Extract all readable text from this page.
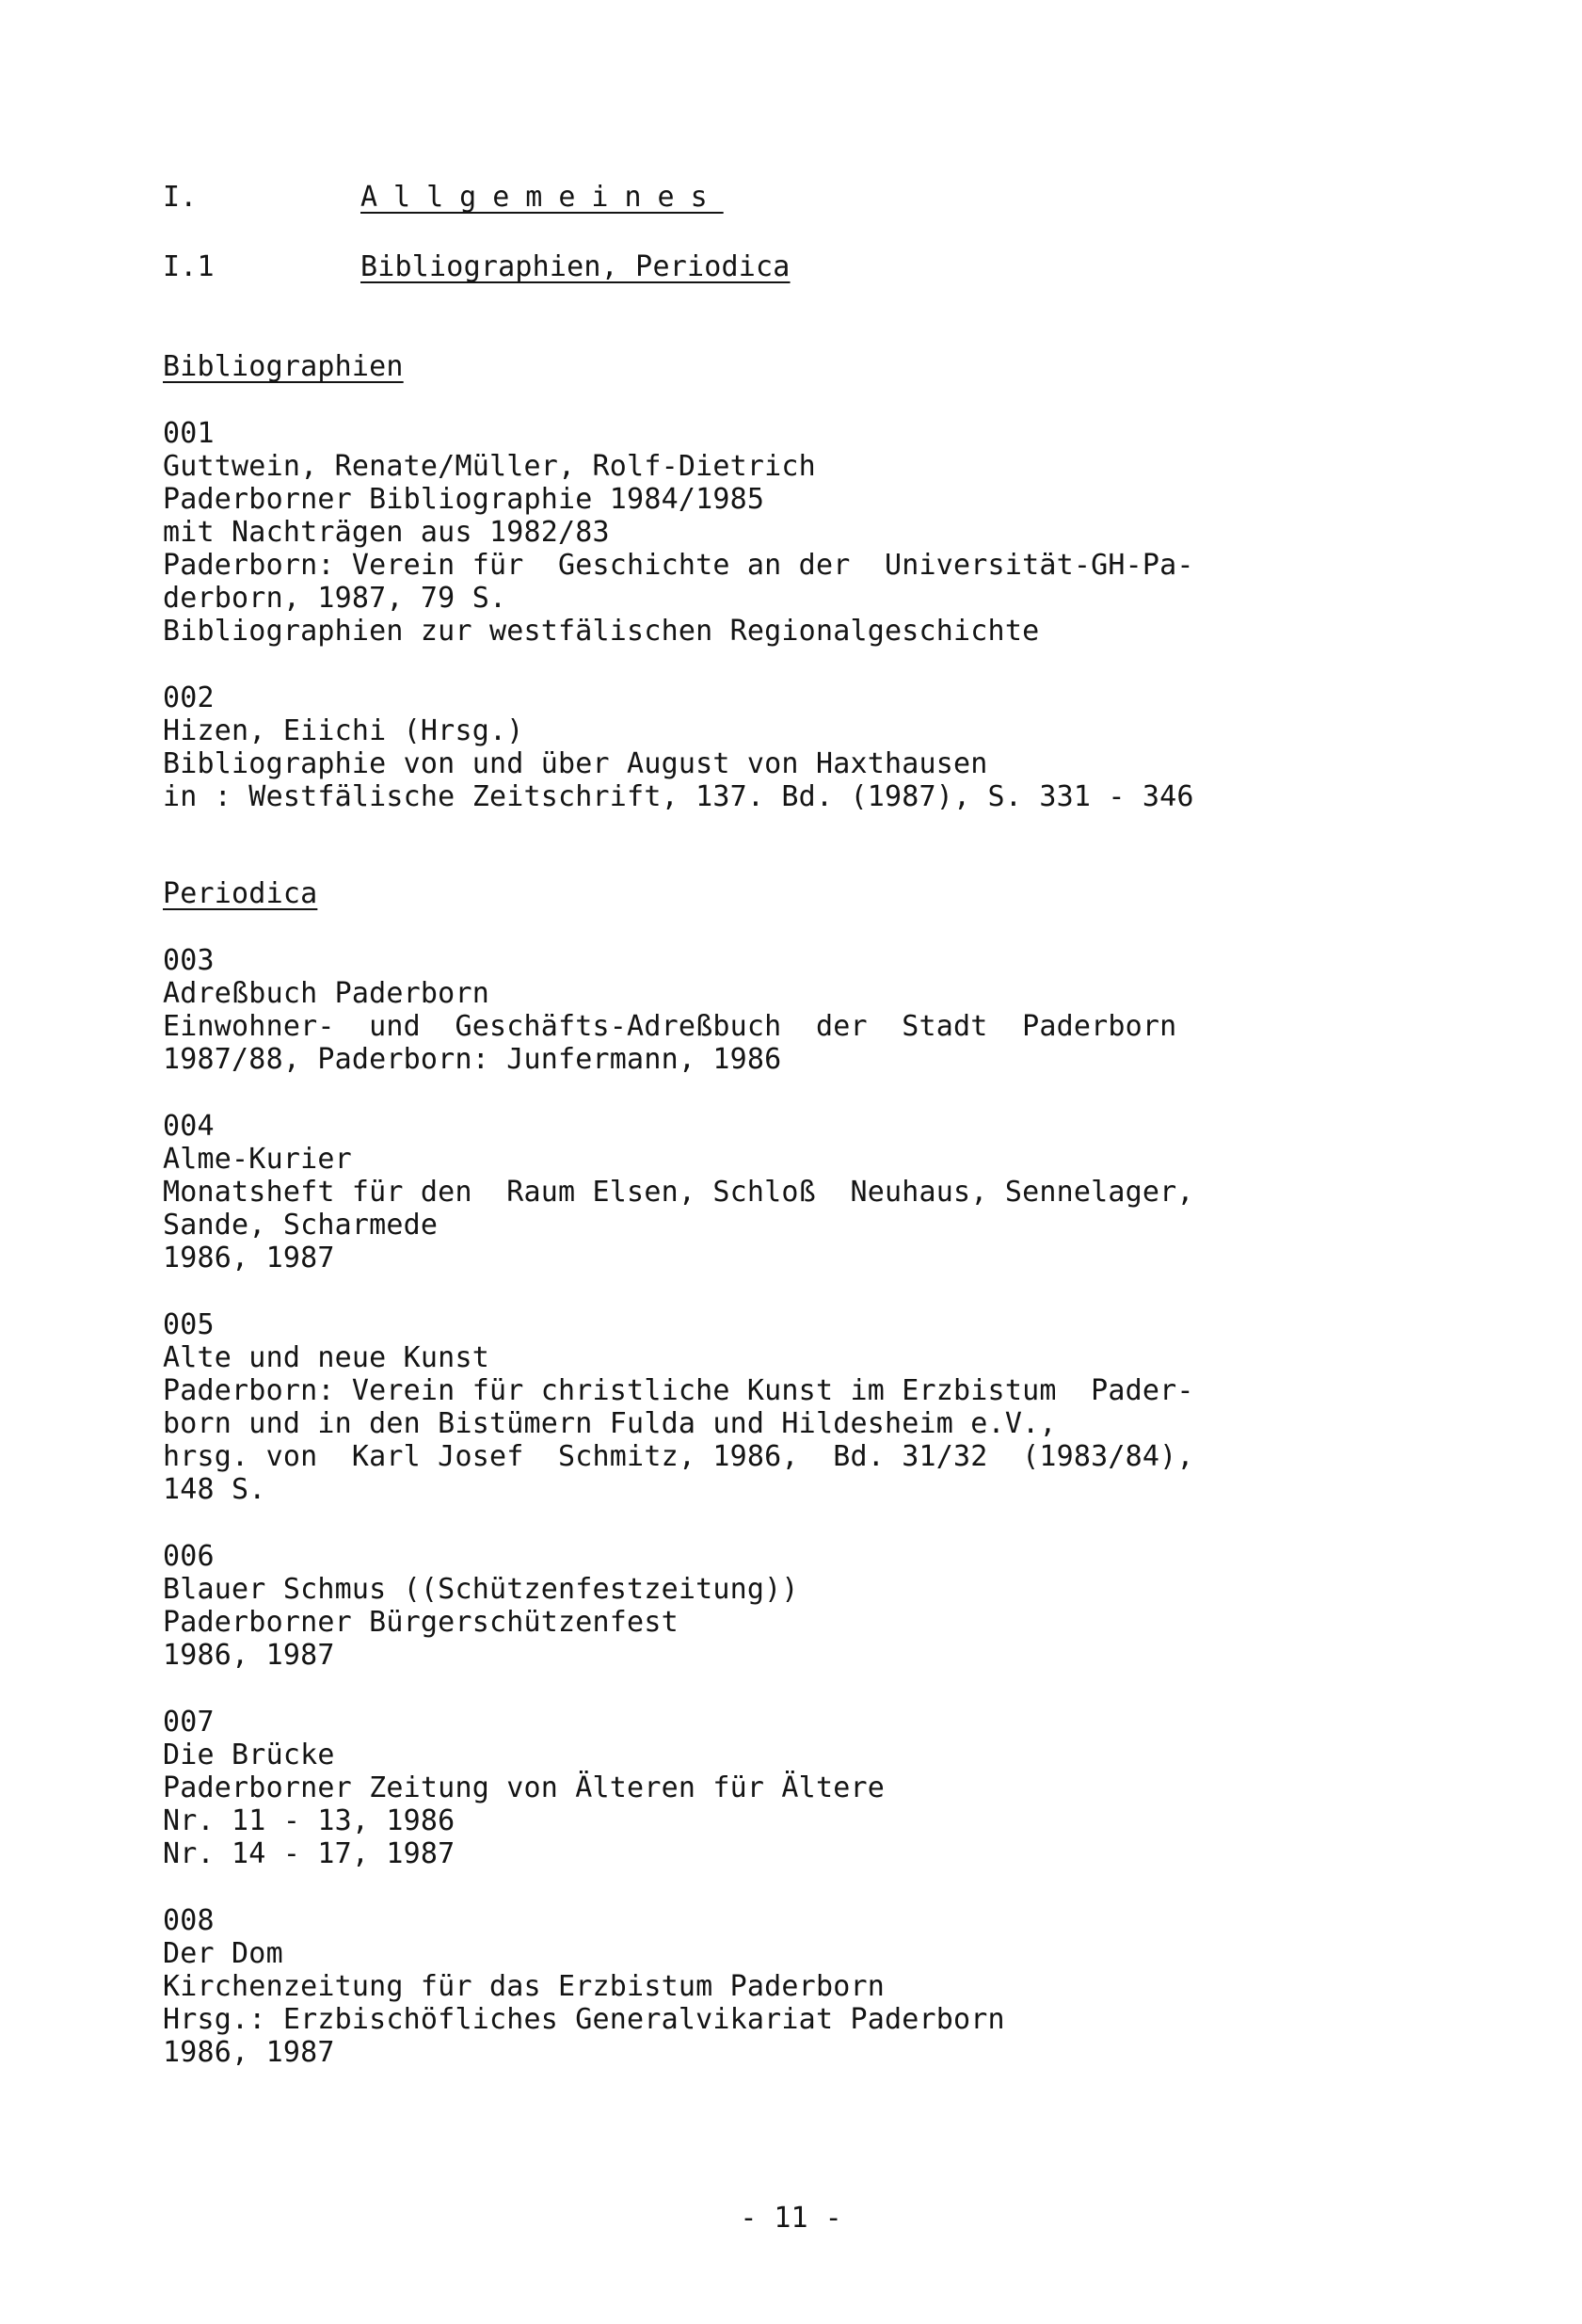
I.	Allgemeines
I.1	Bibliographien, Periodica
Bibliographien
001
Guttwein, Renate/Müller, Rolf-Dietrich
Paderborner Bibliographie 1984/1985
mit Nachträgen aus 1982/83
Paderborn: Verein für  Geschichte an der  Universität-GH-Pa-
derborn, 1987, 79 S.
Bibliographien zur westfälischen Regionalgeschichte
002
Hizen, Eiichi (Hrsg.)
Bibliographie von und über August von Haxthausen
in : Westfälische Zeitschrift, 137. Bd. (1987), S. 331 - 346
Periodica
003
Adreßbuch Paderborn
Einwohner-  und  Geschäfts-Adreßbuch  der  Stadt  Paderborn
1987/88, Paderborn: Junfermann, 1986
004
Alme-Kurier
Monatsheft für den  Raum Elsen, Schloß  Neuhaus, Sennelager,
Sande, Scharmede
1986, 1987
005
Alte und neue Kunst
Paderborn: Verein für christliche Kunst im Erzbistum  Pader-
born und in den Bistümern Fulda und Hildesheim e.V.,
hrsg. von  Karl Josef  Schmitz, 1986,  Bd. 31/32  (1983/84),
148 S.
006
Blauer Schmus ((Schützenfestzeitung))
Paderborner Bürgerschützenfest
1986, 1987
007
Die Brücke
Paderborner Zeitung von Älteren für Ältere
Nr. 11 - 13, 1986
Nr. 14 - 17, 1987
008
Der Dom
Kirchenzeitung für das Erzbistum Paderborn
Hrsg.: Erzbischöfliches Generalvikariat Paderborn
1986, 1987
- 11 -
